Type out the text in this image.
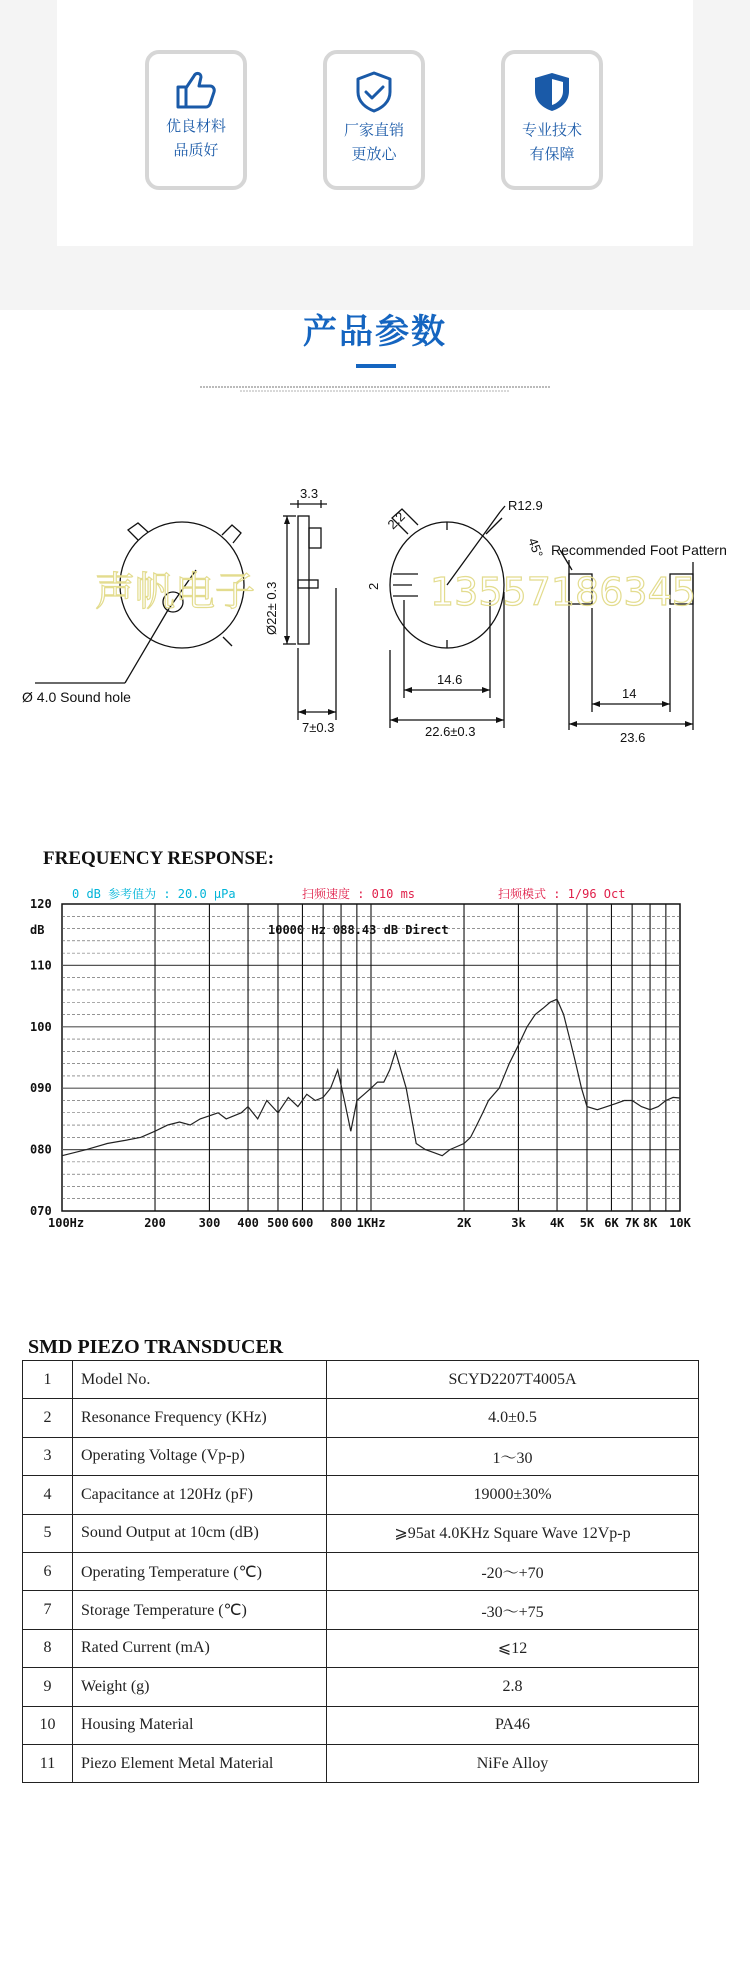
优良材料
品质好
厂家直销
更放心
专业技术
有保障
产品参数
3.3
Ø22± 0.3
7±0.3
2.2
R12.9
45°
2
14.6
22.6±0.3
Recommended Foot Pattern
14
23.6
Ø 4.0 Sound hole
声帆电子	13557186345
FREQUENCY RESPONSE:
120
110
100
090
080
070
100Hz	200	300 400 500 600 800 1KHz	2K	3k 4K 5K 6K 7K 8K 10K
0 dB 参考值为 : 20.0 μPa	扫频速度 : 010 ms	扫频模式 : 1/96 Oct
10000 Hz 088.43 dB Direct
dB
SMD PIEZO TRANSDUCER
1	Model No.	SCYD2207T4005A
2	Resonance Frequency (KHz)	4.0±0.5
3	Operating Voltage (Vp-p)	1～30
4	Capacitance at 120Hz (pF)	19000±30%
5	Sound Output at 10cm (dB)	⩾95at 4.0KHz Square Wave 12Vp-p
6	Operating Temperature (℃)	-20～+70
7	Storage Temperature (℃)	-30～+75
8	Rated Current (mA)	⩽12
9	Weight (g)	2.8
10	Housing Material	PA46
11	Piezo Element Metal Material	NiFe Alloy
